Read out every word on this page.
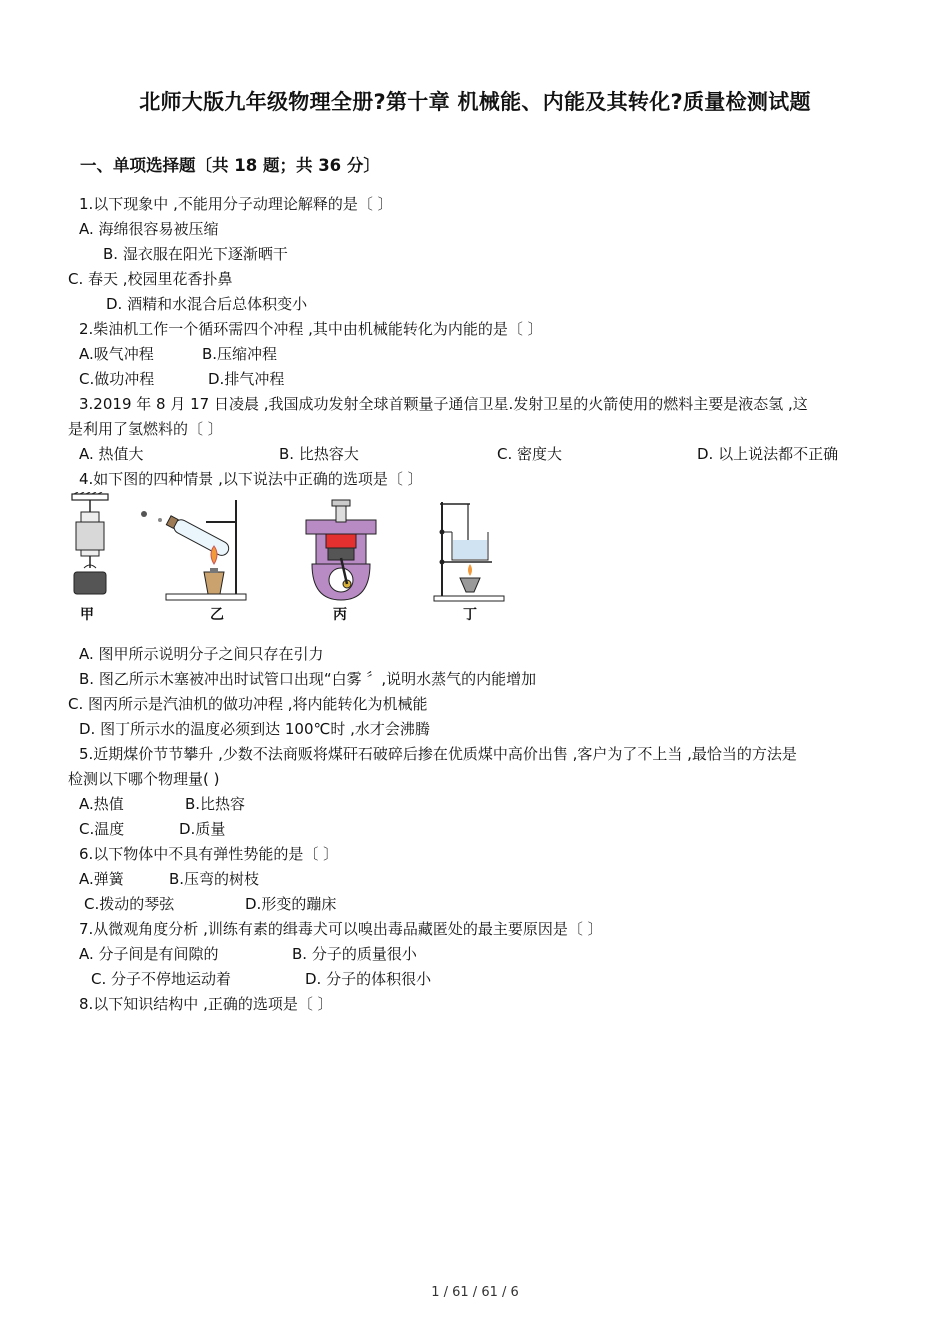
北师大版九年级物理全册?第十章 机械能、内能及其转化?质量检测试题
一、单项选择题〔共 18 题；共 36 分〕
1.以下现象中 ,不能用分子动理论解释的是〔 〕
A. 海绵很容易被压缩
B. 湿衣服在阳光下逐渐晒干
C. 春天 ,校园里花香扑鼻
D. 酒精和水混合后总体积变小
2.柴油机工作一个循环需四个冲程 ,其中由机械能转化为内能的是〔 〕
A.吸气冲程	B.压缩冲程
C.做功冲程	D.排气冲程
3.2019 年 8 月 17 日凌晨 ,我国成功发射全球首颗量子通信卫星.发射卫星的火箭使用的燃料主要是液态氢 ,这
是利用了氢燃料的〔 〕
A. 热值大	B. 比热容大	C. 密度大	D. 以上说法都不正确
4.如下图的四种情景 ,以下说法中正确的选项是〔 〕
甲	乙	丙	丁
A. 图甲所示说明分子之间只存在引力
B. 图乙所示木塞被冲出时试管口出现“白雾 〞,说明水蒸气的内能增加
C. 图丙所示是汽油机的做功冲程 ,将内能转化为机械能
D. 图丁所示水的温度必须到达 100℃时 ,水才会沸腾
5.近期煤价节节攀升 ,少数不法商贩将煤矸石破碎后掺在优质煤中高价出售 ,客户为了不上当 ,最恰当的方法是
检测以下哪个物理量( )
A.热值	B.比热容
C.温度	D.质量
6.以下物体中不具有弹性势能的是〔 〕
A.弹簧	B.压弯的树枝
C.拨动的琴弦	D.形变的蹦床
7.从微观角度分析 ,训练有素的缉毒犬可以嗅出毒品藏匿处的最主要原因是〔 〕
A. 分子间是有间隙的	B. 分子的质量很小
C. 分子不停地运动着	D. 分子的体积很小
8.以下知识结构中 ,正确的选项是〔 〕
1 / 61 / 61 / 6
